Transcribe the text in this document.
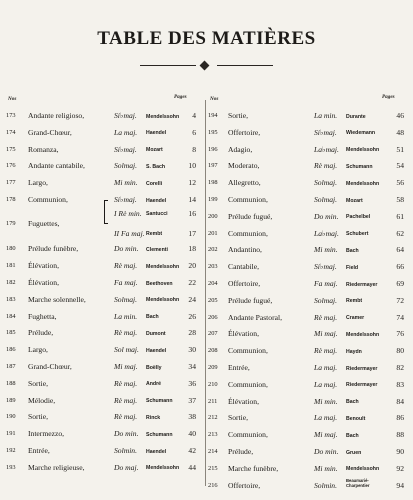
TABLE DES MATIÈRES
Nos	Pages
173 Andante religioso,	Si♭maj. Mendelssohn	4
174 Grand-Chœur,	La maj. Haendel	6
175 Romanza,	Si♭maj. Mozart	8
176 Andante cantabile,	Solmaj. S. Bach	10
177 Largo,	Mi min. Corelli	12
178 Communion,	Si♭maj. Haendel	14
I Rè min. Santucci	16
179 Fuguettes,
II Fa maj. Rembt	17
180 Prélude funèbre,	Do min. Clementi	18
181 Élévation,	Rè maj. Mendelssohn	20
182 Élévation,	Fa maj. Beethoven	22
183 Marche solennelle,	Solmaj. Mendelssohn	24
184 Fughetta,	La min. Bach	26
185 Prélude,	Rè maj. Dumont	28
186 Largo,	Sol maj. Haendel	30
187 Grand-Chœur,	Mi maj. Boëlly	34
188 Sortie,	Rè maj. André	36
189 Mélodie,	Rè maj. Schumann	37
190 Sortie,	Rè maj. Rinck	38
191 Intermezzo,	Do min. Schumann	40
192 Entrée,	Solmin. Haendel	42
193 Marche religieuse,	Do maj. Mendelssohn	44
Nos	Pages
194 Sortie,	La min. Durante	46
195 Offertoire,	Si♭maj. Wiedemann	48
196 Adagio,	La♭maj. Mendelssohn	51
197 Moderato,	Rè maj. Schumann	54
198 Allegretto,	Solmaj. Mendelssohn	56
199 Communion,	Solmaj. Mozart	58
200 Prélude fugué,	Do min. Pachelbel	61
201 Communion,	La♭maj. Schubert	62
202 Andantino,	Mi min. Bach	64
203 Cantabile,	Si♭maj. Field	66
204 Offertoire,	Fa maj. Riedermayer	69
205 Prélude fugué,	Solmaj. Rembt	72
206 Andante Pastoral,	Rè maj. Cramer	74
207 Élévation,	Mi maj. Mendelssohn	76
208 Communion,	Rè maj. Haydn	80
209 Entrée,	La maj. Riedermayer	82
210 Communion,	La maj. Riedermayer	83
211 Élévation,	Mi min. Bach	84
212 Sortie,	La maj. Benoult	86
213 Communion,	Mi maj. Bach	88
214 Prélude,	Do min. Gruen	90
215 Marche funèbre,	Mi min. Mendelssohn	92
216 Offertoire,	Solmin. Beaumarié-Charpentier	94
